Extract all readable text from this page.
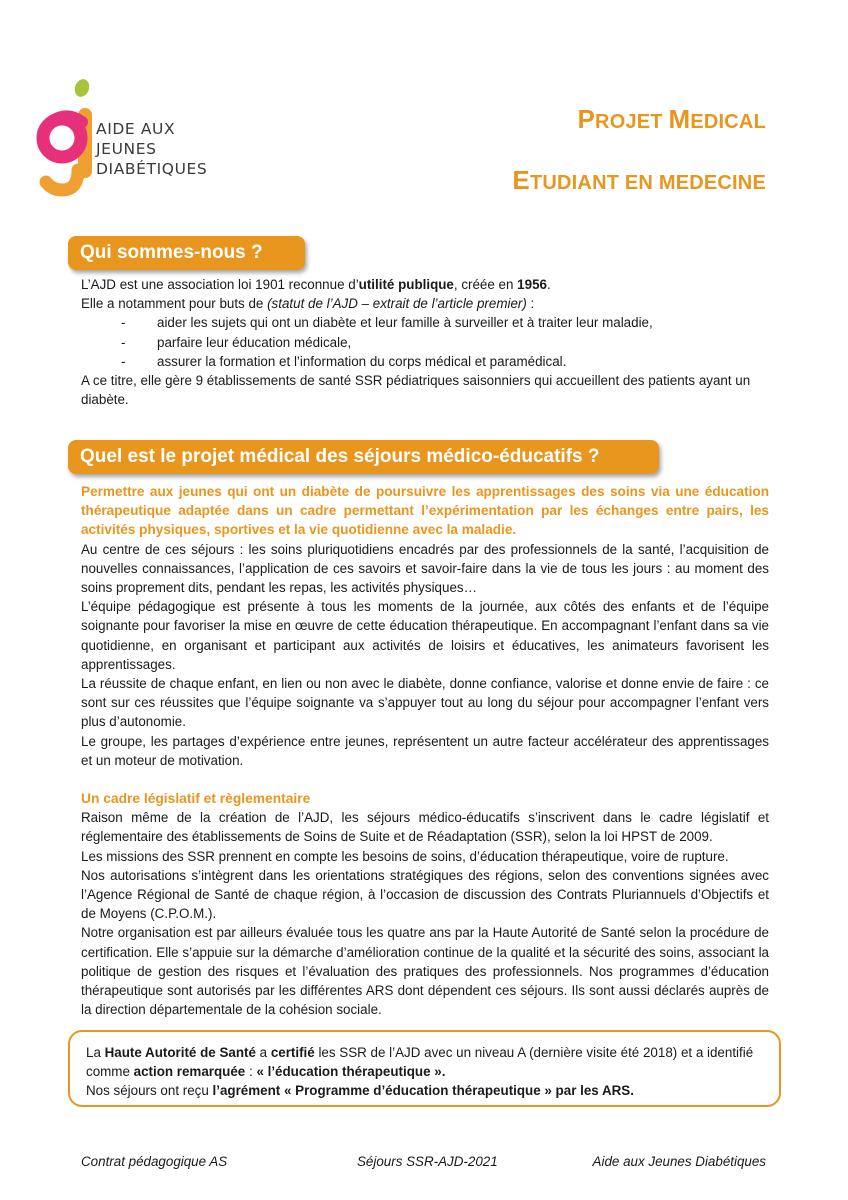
AIDE AUX
JEUNES
DIABÉTIQUES
PROJET MEDICAL
ETUDIANT EN MEDECINE
Qui sommes-nous ?

L’AJD est une association loi 1901 reconnue d’utilité publique, créée en 1956.

Elle a notamment pour buts de (statut de l’AJD – extrait de l’article premier) :

- aider les sujets qui ont un diabète et leur famille à surveiller et à traiter leur maladie,
- parfaire leur éducation médicale,
- assurer la formation et l’information du corps médical et paramédical.

A ce titre, elle gère 9 établissements de santé SSR pédiatriques saisonniers qui accueillent des patients ayant un diabète.

Quel est le projet médical des séjours médico-éducatifs ?

Permettre aux jeunes qui ont un diabète de poursuivre les apprentissages des soins via une éducation thérapeutique adaptée dans un cadre permettant l’expérimentation par les échanges entre pairs, les activités physiques, sportives et la vie quotidienne avec la maladie.

Au centre de ces séjours : les soins pluriquotidiens encadrés par des professionnels de la santé, l’acquisition de nouvelles connaissances, l’application de ces savoirs et savoir-faire dans la vie de tous les jours : au moment des soins proprement dits, pendant les repas, les activités physiques…

L’équipe pédagogique est présente à tous les moments de la journée, aux côtés des enfants et de l’équipe soignante pour favoriser la mise en œuvre de cette éducation thérapeutique. En accompagnant l’enfant dans sa vie quotidienne, en organisant et participant aux activités de loisirs et éducatives, les animateurs favorisent les apprentissages.

La réussite de chaque enfant, en lien ou non avec le diabète, donne confiance, valorise et donne envie de faire : ce sont sur ces réussites que l’équipe soignante va s’appuyer tout au long du séjour pour accompagner l’enfant vers plus d’autonomie.

Le groupe, les partages d’expérience entre jeunes, représentent un autre facteur accélérateur des apprentissages et un moteur de motivation.

Un cadre législatif et règlementaire

Raison même de la création de l’AJD, les séjours médico-éducatifs s’inscrivent dans le cadre législatif et réglementaire des établissements de Soins de Suite et de Réadaptation (SSR), selon la loi HPST de 2009.

Les missions des SSR prennent en compte les besoins de soins, d’éducation thérapeutique, voire de rupture.

Nos autorisations s’intègrent dans les orientations stratégiques des régions, selon des conventions signées avec l’Agence Régional de Santé de chaque région, à l’occasion de discussion des Contrats Pluriannuels d’Objectifs et de Moyens (C.P.O.M.).

Notre organisation est par ailleurs évaluée tous les quatre ans par la Haute Autorité de Santé selon la procédure de certification. Elle s’appuie sur la démarche d’amélioration continue de la qualité et la sécurité des soins, associant la politique de gestion des risques et l’évaluation des pratiques des professionnels. Nos programmes d’éducation thérapeutique sont autorisés par les différentes ARS dont dépendent ces séjours. Ils sont aussi déclarés auprès de la direction départementale de la cohésion sociale.

La Haute Autorité de Santé a certifié les SSR de l’AJD avec un niveau A (dernière visite été 2018) et a identifié comme action remarquée : « l’éducation thérapeutique ».

Nos séjours ont reçu l’agrément « Programme d’éducation thérapeutique » par les ARS.

Contrat pédagogique AS	Séjours SSR-AJD-2021	Aide aux Jeunes Diabétiques
